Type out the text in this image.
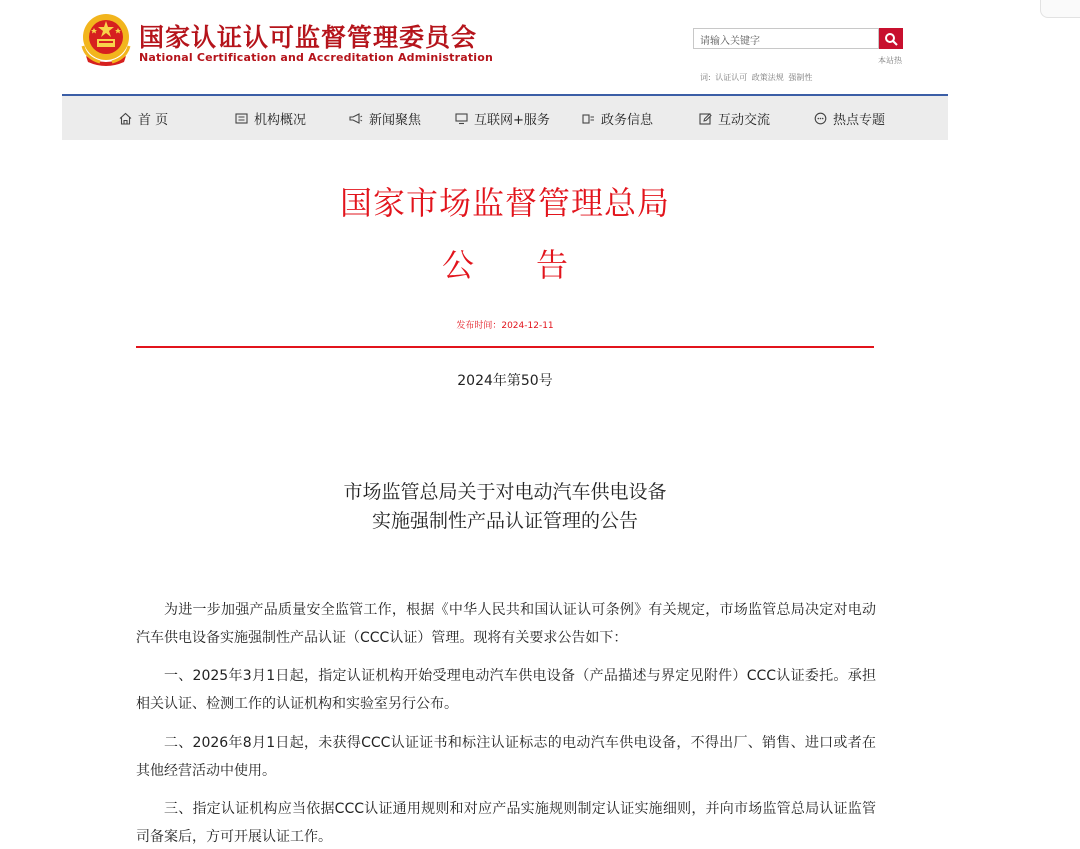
国家认证认可监督管理委员会
National Certification and Accreditation Administration
请输入关键字	本站热
词: 认证认可 政策法规 强制性
首 页	机构概况	新闻聚焦	互联网+服务	政务信息	互动交流	热点专题
国家市场监督管理总局
公 告
发布时间：2024-12-11
2024年第50号
市场监管总局关于对电动汽车供电设备
实施强制性产品认证管理的公告

为进一步加强产品质量安全监管工作，根据《中华人民共和国认证认可条例》有关规定，市场监管总局决定对电动汽车供电设备实施强制性产品认证（CCC认证）管理。现将有关要求公告如下：

一、2025年3月1日起，指定认证机构开始受理电动汽车供电设备（产品描述与界定见附件）CCC认证委托。承担相关认证、检测工作的认证机构和实验室另行公布。

二、2026年8月1日起，未获得CCC认证证书和标注认证标志的电动汽车供电设备，不得出厂、销售、进口或者在其他经营活动中使用。

三、指定认证机构应当依据CCC认证通用规则和对应产品实施规则制定认证实施细则，并向市场监管总局认证监管司备案后，方可开展认证工作。
